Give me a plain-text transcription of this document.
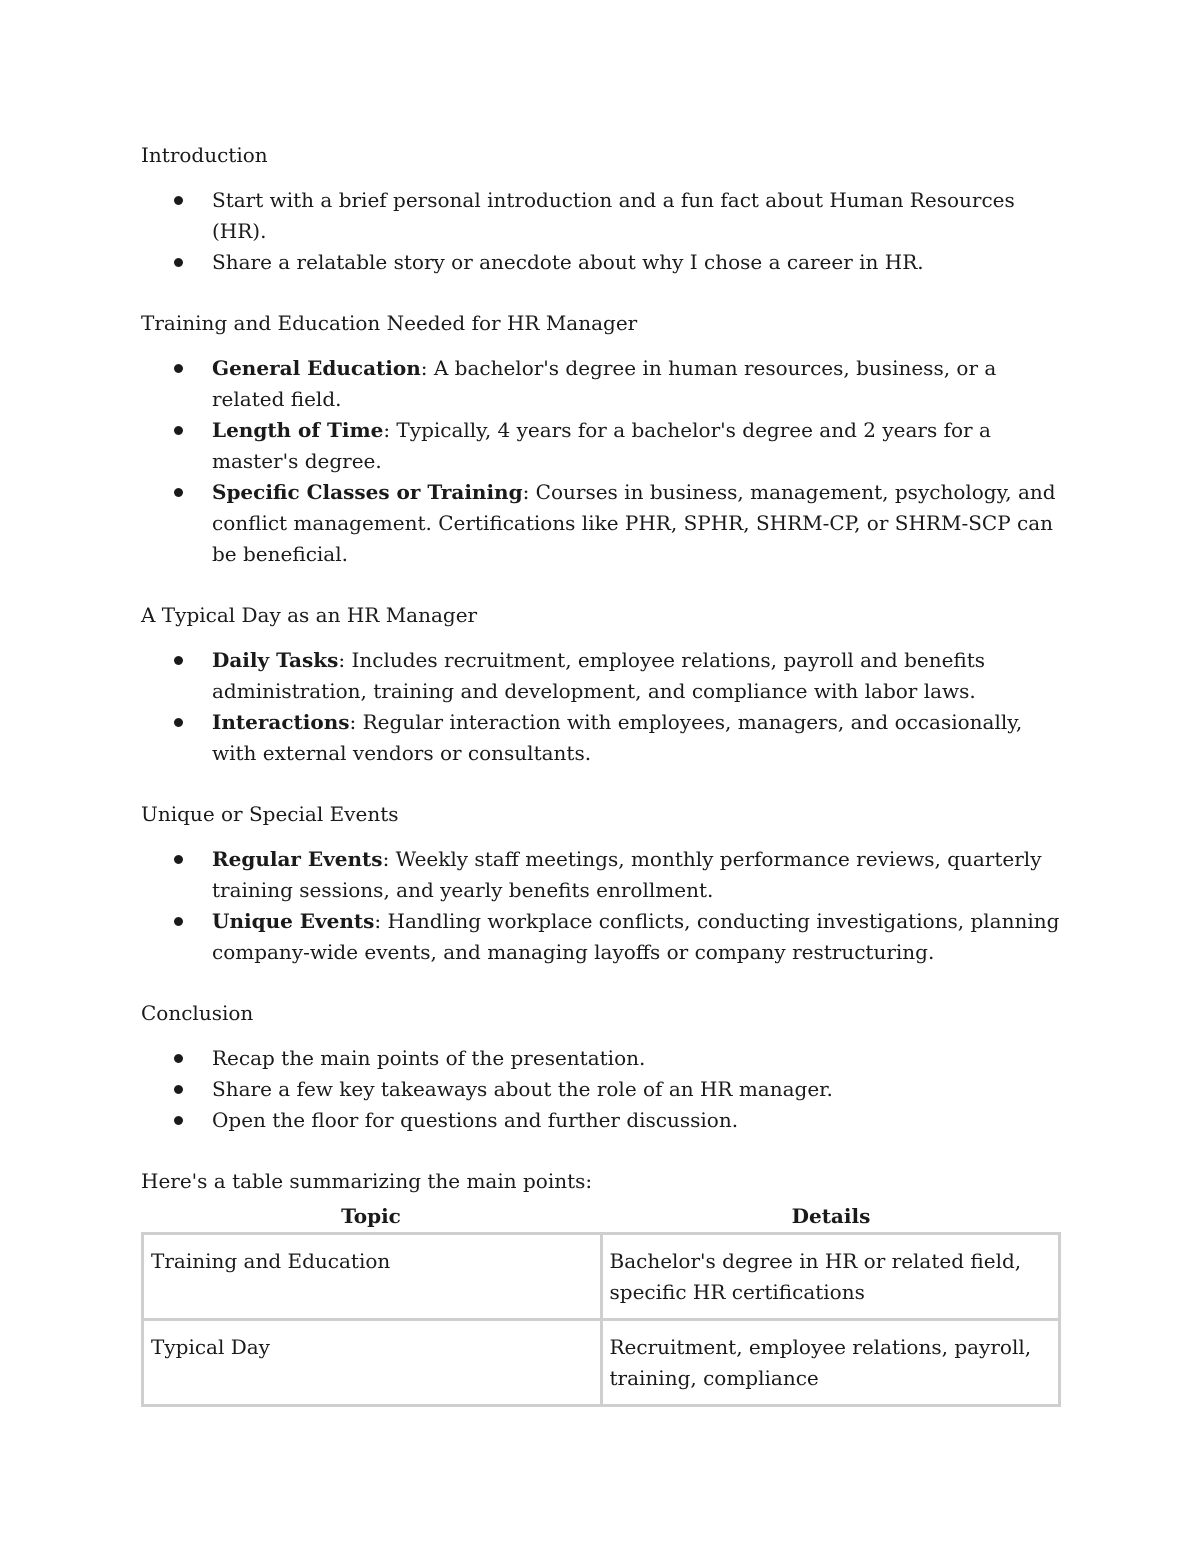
Introduction

Start with a brief personal introduction and a fun fact about Human Resources (HR).
Share a relatable story or anecdote about why I chose a career in HR.

Training and Education Needed for HR Manager

General Education: A bachelor's degree in human resources, business, or a related field.
Length of Time: Typically, 4 years for a bachelor's degree and 2 years for a master's degree.
Specific Classes or Training: Courses in business, management, psychology, and conflict management. Certifications like PHR, SPHR, SHRM-CP, or SHRM-SCP can be beneficial.

A Typical Day as an HR Manager

Daily Tasks: Includes recruitment, employee relations, payroll and benefits administration, training and development, and compliance with labor laws.
Interactions: Regular interaction with employees, managers, and occasionally, with external vendors or consultants.

Unique or Special Events

Regular Events: Weekly staff meetings, monthly performance reviews, quarterly training sessions, and yearly benefits enrollment.
Unique Events: Handling workplace conflicts, conducting investigations, planning company-wide events, and managing layoffs or company restructuring.

Conclusion

Recap the main points of the presentation.
Share a few key takeaways about the role of an HR manager.
Open the floor for questions and further discussion.

Here's a table summarizing the main points:

Topic	Details
Training and Education	Bachelor's degree in HR or related field, specific HR certifications
Typical Day	Recruitment, employee relations, payroll, training, compliance
